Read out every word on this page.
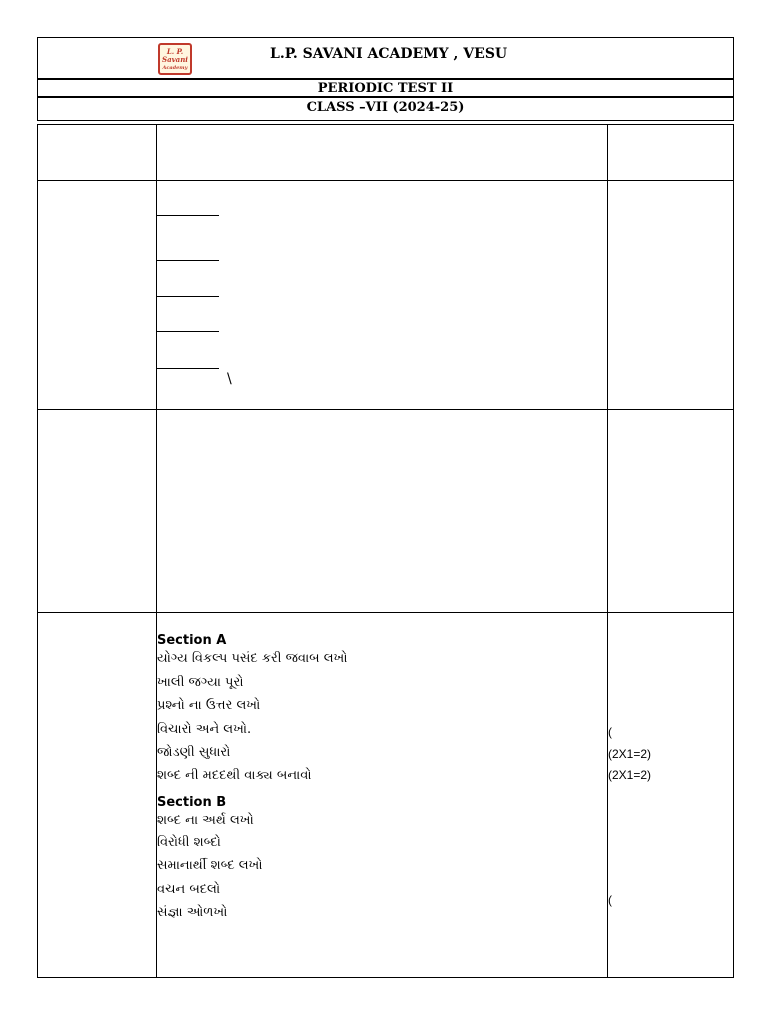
L. P.
Savani
Academy
L.P. SAVANI ACADEMY , VESU
PERIODIC TEST II
CLASS –VII (2024-25)
\
Section A
યોગ્ય વિકલ્પ પસંદ કરી જવાબ લખો
ખાલી જગ્યા પૂરો
પ્રશ્નો ના ઉત્તર લખો
વિચારો અને લખો.
જોડણી સુધારો
શબ્દ ની મદદથી વાક્ય બનાવો
Section B
શબ્દ ના અર્થ લખો
વિરોધી શબ્દો
સમાનાર્થી શબ્દ લખો
વચન બદલો
સંજ્ઞા ઓળખો
(
(2X1=2)
(2X1=2)
(
